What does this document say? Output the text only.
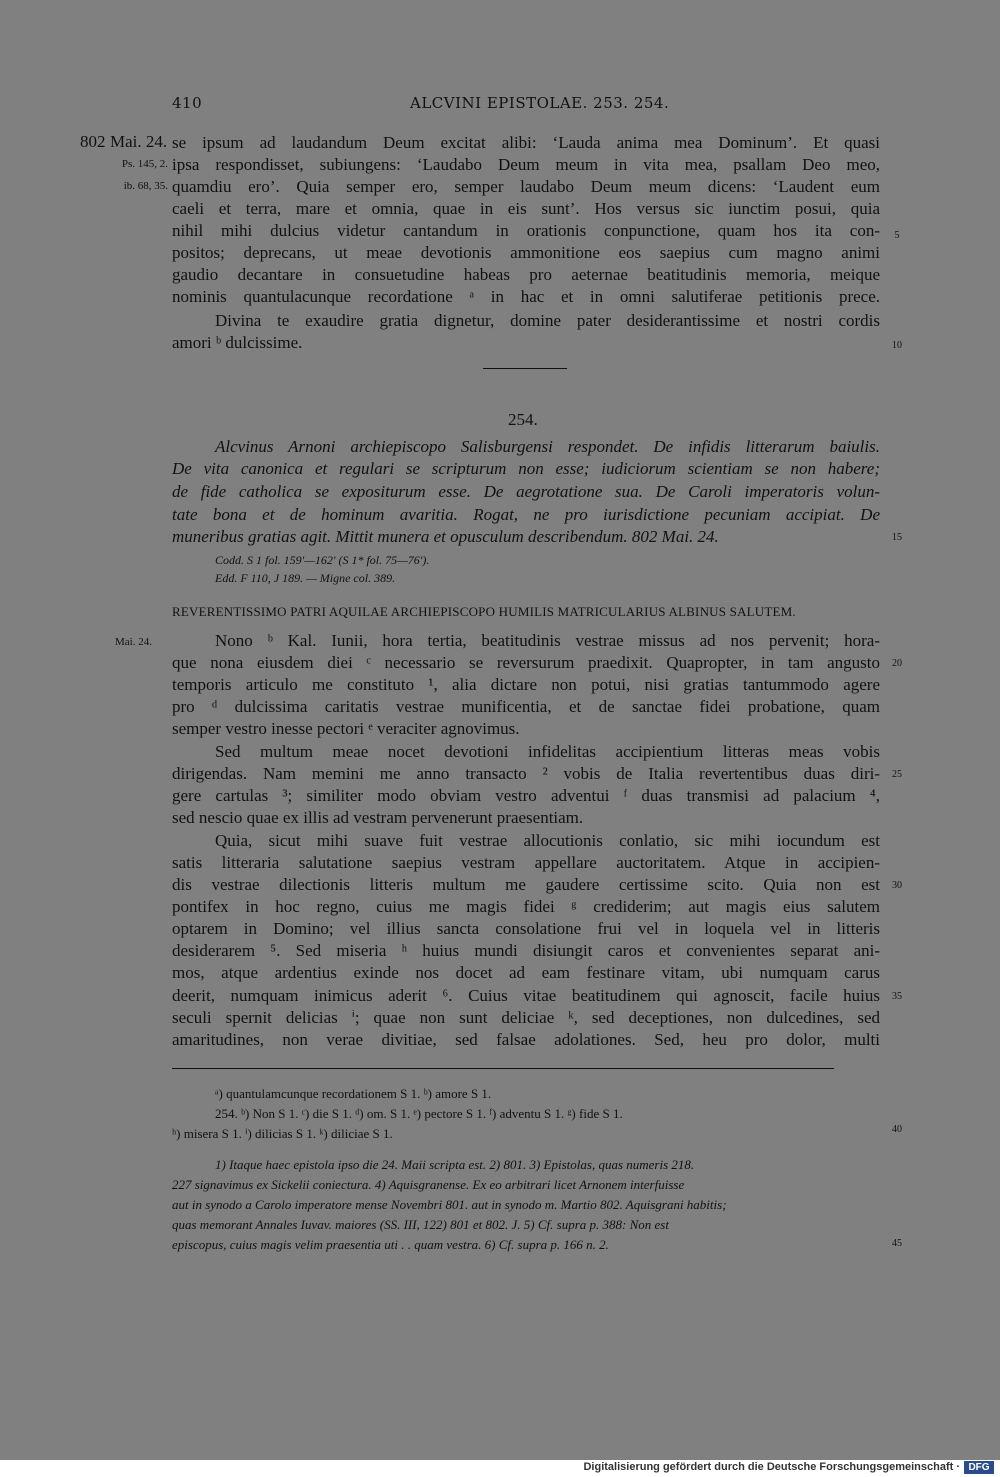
410	ALCVINI EPISTOLAE. 253. 254.
802 Mai. 24.
Ps. 145, 2.
ib. 68, 35.
se ipsum ad laudandum Deum excitat alibi: ‘Lauda anima mea Dominum’. Et quasi
ipsa respondisset, subiungens: ‘Laudabo Deum meum in vita mea, psallam Deo meo,
quamdiu ero’. Quia semper ero, semper laudabo Deum meum dicens: ‘Laudent eum
caeli et terra, mare et omnia, quae in eis sunt’. Hos versus sic iunctim posui, quia
nihil mihi dulcius videtur cantandum in orationis conpunctione, quam hos ita con-
positos; deprecans, ut meae devotionis ammonitione eos saepius cum magno animi
gaudio decantare in consuetudine habeas pro aeternae beatitudinis memoria, meique
nominis quantulacunque recordatione ᵃ in hac et in omni salutiferae petitionis prece.
Divina te exaudire gratia dignetur, domine pater desiderantissime et nostri cordis
amori ᵇ dulcissime.
254.
Alcvinus Arnoni archiepiscopo Salisburgensi respondet. De infidis litterarum baiulis.
De vita canonica et regulari se scripturum non esse; iudiciorum scientiam se non habere;
de fide catholica se expositurum esse. De aegrotatione sua. De Caroli imperatoris volun-
tate bona et de hominum avaritia. Rogat, ne pro iurisdictione pecuniam accipiat. De
muneribus gratias agit. Mittit munera et opusculum describendum. 802 Mai. 24.
Codd. S 1 fol. 159'—162' (S 1* fol. 75—76').
Edd. F 110, J 189. — Migne col. 389.
REVERENTISSIMO PATRI AQUILAE ARCHIEPISCOPO HUMILIS MATRICULARIUS ALBINUS SALUTEM.
Mai. 24.	Nono ᵇ Kal. Iunii, hora tertia, beatitudinis vestrae missus ad nos pervenit; hora-
que nona eiusdem diei ᶜ necessario se reversurum praedixit. Quapropter, in tam angusto
temporis articulo me constituto ¹, alia dictare non potui, nisi gratias tantummodo agere
pro ᵈ dulcissima caritatis vestrae munificentia, et de sanctae fidei probatione, quam
semper vestro inesse pectori ᵉ veraciter agnovimus.
Sed multum meae nocet devotioni infidelitas accipientium litteras meas vobis
dirigendas. Nam memini me anno transacto ² vobis de Italia revertentibus duas diri-
gere cartulas ³; similiter modo obviam vestro adventui ᶠ duas transmisi ad palacium ⁴,
sed nescio quae ex illis ad vestram pervenerunt praesentiam.
Quia, sicut mihi suave fuit vestrae allocutionis conlatio, sic mihi iocundum est
satis litteraria salutatione saepius vestram appellare auctoritatem. Atque in accipien-
dis vestrae dilectionis litteris multum me gaudere certissime scito. Quia non est
pontifex in hoc regno, cuius me magis fidei ᵍ crediderim; aut magis eius salutem
optarem in Domino; vel illius sancta consolatione frui vel in loquela vel in litteris
desiderarem ⁵. Sed miseria ʰ huius mundi disiungit caros et convenientes separat ani-
mos, atque ardentius exinde nos docet ad eam festinare vitam, ubi numquam carus
deerit, numquam inimicus aderit ⁶. Cuius vitae beatitudinem qui agnoscit, facile huius
seculi spernit delicias ⁱ; quae non sunt deliciae ᵏ, sed deceptiones, non dulcedines, sed
amaritudines, non verae divitiae, sed falsae adolationes. Sed, heu pro dolor, multi
5
10
15
20
25
30
35
40
45
ᵃ) quantulamcunque recordationem S 1. ᵇ) amore S 1.
254. ᵇ) Non S 1. ᶜ) die S 1. ᵈ) om. S 1. ᵉ) pectore S 1. ᶠ) adventu S 1. ᵍ) fide S 1.
ʰ) misera S 1. ⁱ) dilicias S 1. ᵏ) diliciae S 1.
1) Itaque haec epistola ipso die 24. Maii scripta est. 2) 801. 3) Epistolas, quas numeris 218.
227 signavimus ex Sickelii coniectura. 4) Aquisgranense. Ex eo arbitrari licet Arnonem interfuisse
aut in synodo a Carolo imperatore mense Novembri 801. aut in synodo m. Martio 802. Aquisgrani habitis;
quas memorant Annales Iuvav. maiores (SS. III, 122) 801 et 802. J. 5) Cf. supra p. 388: Non est
episcopus, cuius magis velim praesentia uti . . quam vestra. 6) Cf. supra p. 166 n. 2.
Digitalisierung gefördert durch die Deutsche Forschungsgemeinschaft · DFG
